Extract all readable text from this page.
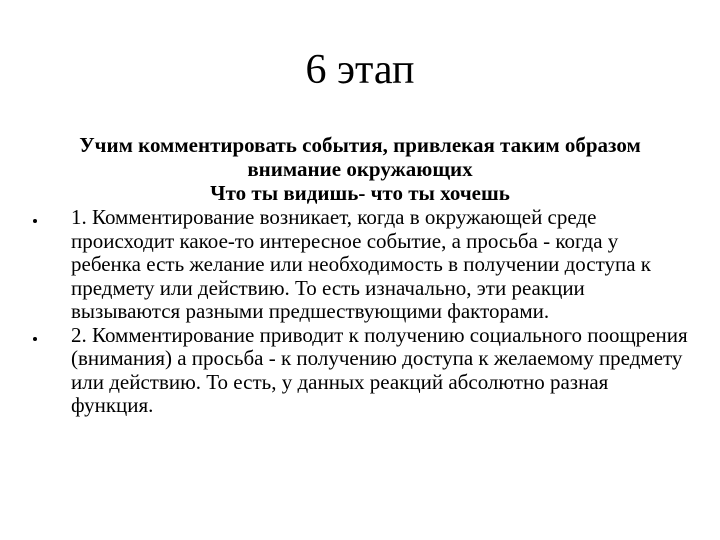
6 этап
Учим комментировать события, привлекая таким образом внимание окружающих
Что ты видишь- что ты хочешь
1. Комментирование возникает, когда в окружающей среде происходит какое-то интересное событие, а просьба - когда у ребенка есть желание или необходимость в получении доступа к предмету или действию. То есть изначально, эти реакции вызываются разными предшествующими факторами.
2. Комментирование приводит к получению социального поощрения (внимания) а просьба - к получению доступа к желаемому предмету или действию. То есть, у данных реакций абсолютно разная функция.
